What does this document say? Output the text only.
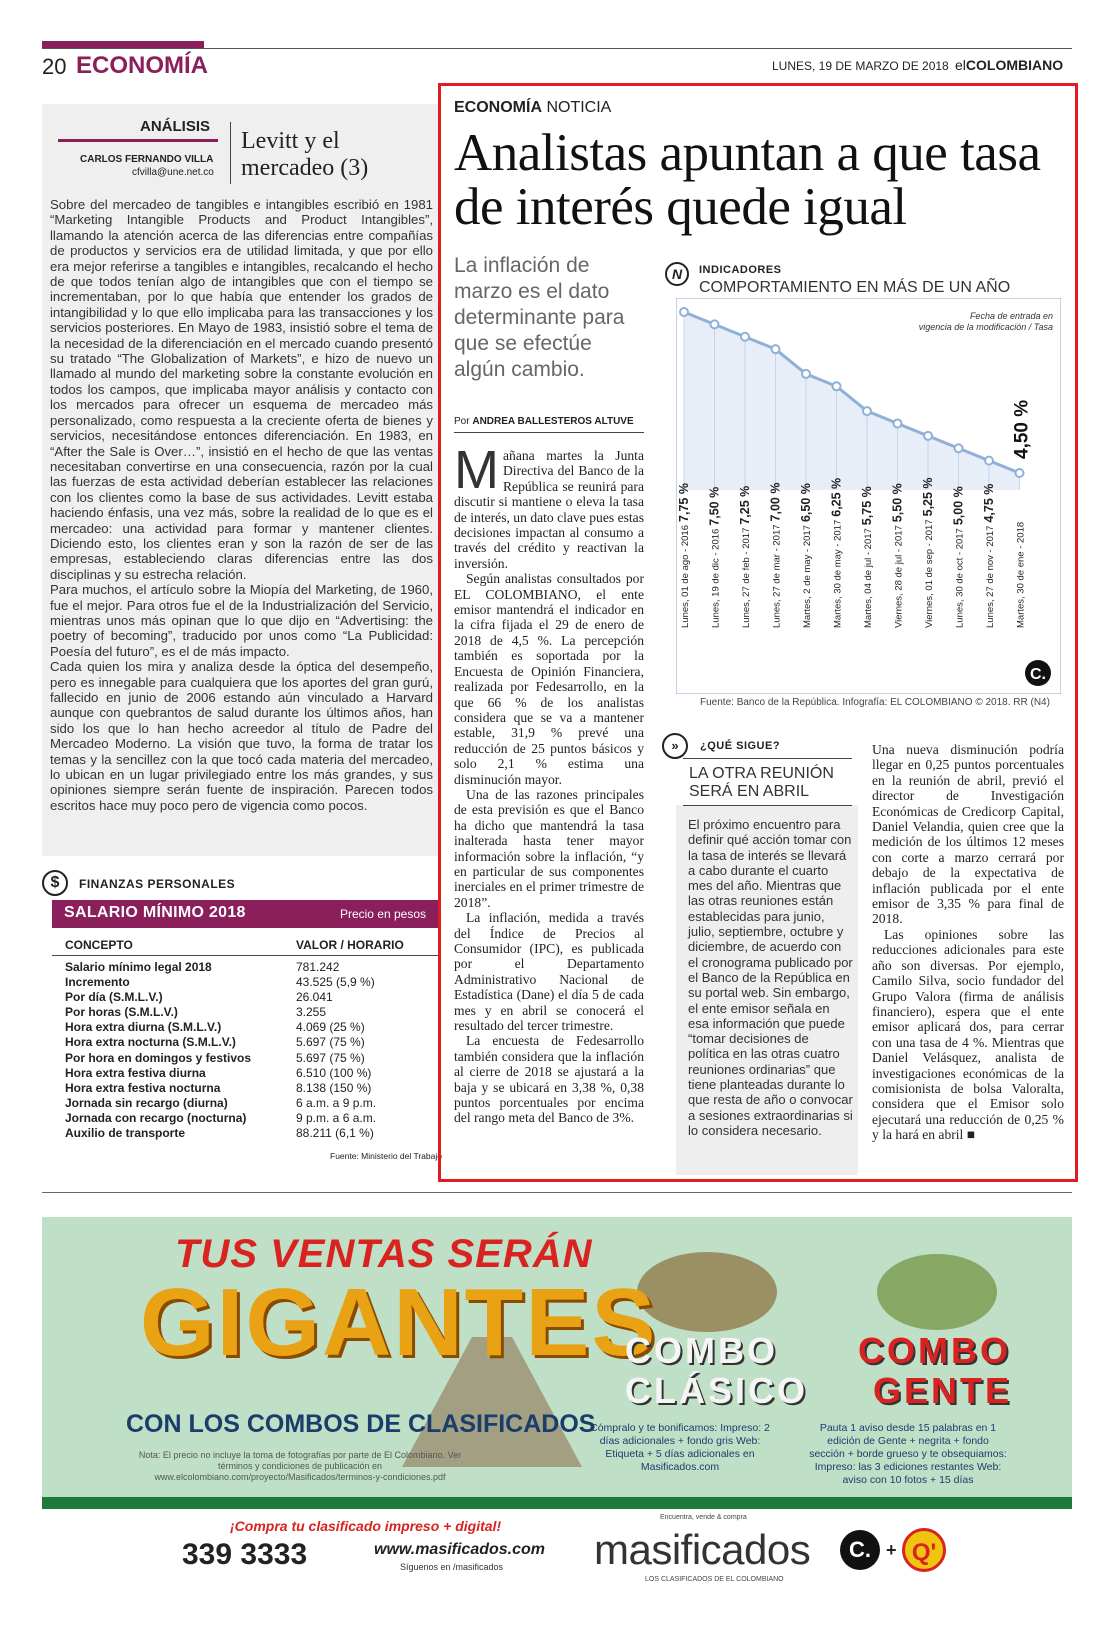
20 ECONOMÍA	LUNES, 19 DE MARZO DE 2018 elCOLOMBIANO
ANÁLISIS
CARLOS FERNANDO VILLA
cfvilla@une.net.co
Levitt y el mercadeo (3)

Sobre del mercadeo de tangibles e intangibles escribió en 1981 “Marketing Intangible Products and Product Intangibles”, llamando la atención acerca de las diferencias entre compañías de productos y servicios era de utilidad limitada, y que por ello era mejor referirse a tangibles e intangibles, recalcando el hecho de que todos tenían algo de intangibles que con el tiempo se incrementaban, por lo que había que entender los grados de intangibilidad y lo que ello implicaba para las transacciones y los servicios posteriores. En Mayo de 1983, insistió sobre el tema de la necesidad de la diferenciación en el mercado cuando presentó su tratado “The Globalization of Markets”, e hizo de nuevo un llamado al mundo del marketing sobre la constante evolución en todos los campos, que implicaba mayor análisis y contacto con los mercados para ofrecer un esquema de mercadeo más personalizado, como respuesta a la creciente oferta de bienes y servicios, necesitándose entonces diferenciación. En 1983, en “After the Sale is Over…”, insistió en el hecho de que las ventas necesitaban convertirse en una consecuencia, razón por la cual las fuerzas de esta actividad deberían establecer las relaciones con los clientes como la base de sus actividades. Levitt estaba haciendo énfasis, una vez más, sobre la realidad de lo que es el mercadeo: una actividad para formar y mantener clientes. Diciendo esto, los clientes eran y son la razón de ser de las empresas, estableciendo claras diferencias entre las dos disciplinas y su estrecha relación.

Para muchos, el artículo sobre la Miopía del Marketing, de 1960, fue el mejor. Para otros fue el de la Industrialización del Servicio, mientras unos más opinan que lo que dijo en “Advertising: the poetry of becoming”, traducido por unos como “La Publicidad: Poesía del futuro”, es el de más impacto.

Cada quien los mira y analiza desde la óptica del desempeño, pero es innegable para cualquiera que los aportes del gran gurú, fallecido en junio de 2006 estando aún vinculado a Harvard aunque con quebrantos de salud durante los últimos años, han sido los que lo han hecho acreedor al título de Padre del Mercadeo Moderno. La visión que tuvo, la forma de tratar los temas y la sencillez con la que tocó cada materia del mercadeo, lo ubican en un lugar privilegiado entre los más grandes, y sus opiniones siempre serán fuente de inspiración. Parecen todos escritos hace muy poco pero de vigencia como pocos.

$	FINANZAS PERSONALES
SALARIO MÍNIMO 2018	Precio en pesos
CONCEPTO	VALOR / HORARIO
Salario mínimo legal 2018	781.242
Incremento	43.525 (5,9 %)
Por día (S.M.L.V.)	26.041
Por horas (S.M.L.V.)	3.255
Hora extra diurna (S.M.L.V.)	4.069 (25 %)
Hora extra nocturna (S.M.L.V.)	5.697 (75 %)
Por hora en domingos y festivos	5.697 (75 %)
Hora extra festiva diurna	6.510 (100 %)
Hora extra festiva nocturna	8.138 (150 %)
Jornada sin recargo (diurna)	6 a.m. a 9 p.m.
Jornada con recargo (nocturna)	9 p.m. a 6 a.m.
Auxilio de transporte	88.211 (6,1 %)
Fuente: Ministerio del Trabajo
ECONOMÍA NOTICIA
Analistas apuntan a que tasa de interés quede igual
La inflación de marzo es el dato determinante para que se efectúe algún cambio.
Por ANDREA BALLESTEROS ALTUVE

Mañana martes la Junta Directiva del Banco de la República se reunirá para discutir si mantiene o eleva la tasa de interés, un dato clave pues estas decisiones impactan al consumo a través del crédito y reactivan la inversión.

Según analistas consultados por EL COLOMBIANO, el ente emisor mantendrá el indicador en la cifra fijada el 29 de enero de 2018 de 4,5 %. La percepción también es soportada por la Encuesta de Opinión Financiera, realizada por Fedesarrollo, en la que 66 % de los analistas considera que se va a mantener estable, 31,9 % prevé una reducción de 25 puntos básicos y solo 2,1 % estima una disminución mayor.

Una de las razones principales de esta previsión es que el Banco ha dicho que mantendrá la tasa inalterada hasta tener mayor información sobre la inflación, “y en particular de sus componentes inerciales en el primer trimestre de 2018”.

La inflación, medida a través del Índice de Precios al Consumidor (IPC), es publicada por el Departamento Administrativo Nacional de Estadística (Dane) el día 5 de cada mes y en abril se conocerá el resultado del tercer trimestre.

La encuesta de Fedesarrollo también considera que la inflación al cierre de 2018 se ajustará a la baja y se ubicará en 3,38 %, 0,38 puntos porcentuales por encima del rango meta del Banco de 3%.

N	INDICADORES
COMPORTAMIENTO EN MÁS DE UN AÑO
Fecha de entrada en
vigencia de la modificación / Tasa
Lunes, 01 de ago - 20167,75 %
Lunes, 19 de dic - 20167,50 %
Lunes, 27 de feb - 20177,25 %
Lunes, 27 de mar - 20177,00 %
Martes, 2 de may - 20176,50 %
Martes, 30 de may - 20176,25 %
Martes, 04 de jul - 20175,75 %
Viernes, 28 de jul - 20175,50 %
Viernes, 01 de sep - 20175,25 %
Lunes, 30 de oct - 20175,00 %
Lunes, 27 de nov - 20174,75 %
Martes, 30 de ene - 2018
4,50 %
C.
Fuente: Banco de la República. Infografía: EL COLOMBIANO © 2018. RR (N4)
»	¿QUÉ SIGUE?
LA OTRA REUNIÓN SERÁ EN ABRIL
El próximo encuentro para definir qué acción tomar con la tasa de interés se llevará a cabo durante el cuarto mes del año. Mientras que las otras reuniones están establecidas para junio, julio, septiembre, octubre y diciembre, de acuerdo con el cronograma publicado por el Banco de la República en su portal web. Sin embargo, el ente emisor señala en esa información que puede “tomar decisiones de política en las otras cuatro reuniones ordinarias” que tiene planteadas durante lo que resta de año o convocar a sesiones extraordinarias si lo considera necesario.

Una nueva disminución podría llegar en 0,25 puntos porcentuales en la reunión de abril, previó el director de Investigación Económicas de Credicorp Capital, Daniel Velandia, quien cree que la medición de los últimos 12 meses con corte a marzo cerrará por debajo de la expectativa de inflación publicada por el ente emisor de 3,35 % para final de 2018.

Las opiniones sobre las reducciones adicionales para este año son diversas. Por ejemplo, Camilo Silva, socio fundador del Grupo Valora (firma de análisis financiero), espera que el ente emisor aplicará dos, para cerrar con una tasa de 4 %. Mientras que Daniel Velásquez, analista de investigaciones económicas de la comisionista de bolsa Valoralta, considera que el Emisor solo ejecutará una reducción de 0,25 % y la hará en abril ■

TUS VENTAS SERÁN
GIGANTES
CON LOS COMBOS DE CLASIFICADOS
Nota: El precio no incluye la toma de fotografías por parte de El Colombiano. Ver términos y condiciones de publicación en www.elcolombiano.com/proyecto/Masificados/terminos-y-condiciones.pdf
COMBO
CLÁSICO
COMBO
GENTE
Cómpralo y te bonificamos: Impreso: 2 días adicionales + fondo gris Web: Etiqueta + 5 días adicionales en Masificados.com
Pauta 1 aviso desde 15 palabras en 1 edición de Gente + negrita + fondo sección + borde grueso y te obsequiamos: Impreso: las 3 ediciones restantes Web: aviso con 10 fotos + 15 días
¡Compra tu clasificado impreso + digital!
339 3333	www.masificados.com
Síguenos en /masificados
Encuentra, vende & compra
masificados
LOS CLASIFICADOS DE EL COLOMBIANO
C. + Q'
